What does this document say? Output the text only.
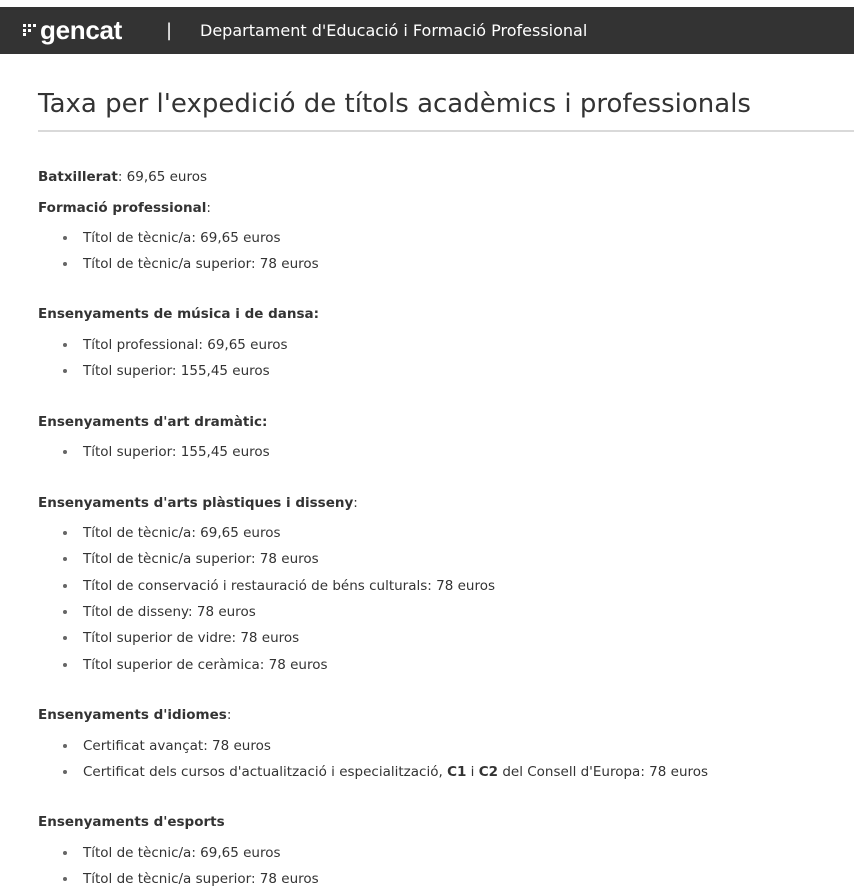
gencat | Departament d'Educació i Formació Professional
Taxa per l'expedició de títols acadèmics i professionals
Batxillerat: 69,65 euros
Formació professional:
Títol de tècnic/a: 69,65 euros
Títol de tècnic/a superior: 78 euros
Ensenyaments de música i de dansa:
Títol professional: 69,65 euros
Títol superior: 155,45 euros
Ensenyaments d'art dramàtic:
Títol superior: 155,45 euros
Ensenyaments d'arts plàstiques i disseny:
Títol de tècnic/a: 69,65 euros
Títol de tècnic/a superior: 78 euros
Títol de conservació i restauració de béns culturals: 78 euros
Títol de disseny: 78 euros
Títol superior de vidre: 78 euros
Títol superior de ceràmica: 78 euros
Ensenyaments d'idiomes:
Certificat avançat: 78 euros
Certificat dels cursos d'actualització i especialització, C1 i C2 del Consell d'Europa: 78 euros
Ensenyaments d'esports
Títol de tècnic/a: 69,65 euros
Títol de tècnic/a superior: 78 euros
